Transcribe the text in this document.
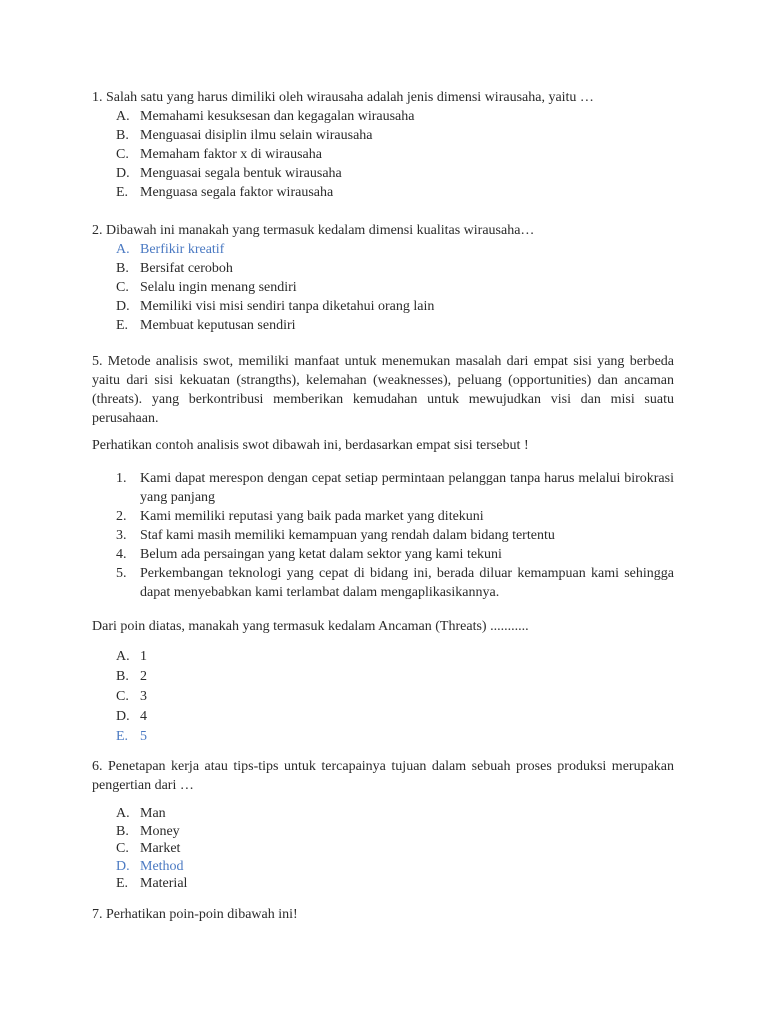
1. Salah satu yang harus dimiliki oleh wirausaha adalah jenis dimensi wirausaha, yaitu …
A. Memahami kesuksesan dan kegagalan wirausaha
B. Menguasai disiplin ilmu selain wirausaha
C. Memaham faktor x di wirausaha
D. Menguasai segala bentuk wirausaha
E. Menguasa segala faktor wirausaha
2. Dibawah ini manakah yang termasuk kedalam dimensi kualitas wirausaha…
A. Berfikir kreatif
B. Bersifat ceroboh
C. Selalu ingin menang sendiri
D. Memiliki visi misi sendiri tanpa diketahui orang lain
E. Membuat keputusan sendiri
5. Metode analisis swot, memiliki manfaat untuk menemukan masalah dari empat sisi yang berbeda yaitu dari sisi kekuatan (strangths), kelemahan (weaknesses), peluang (opportunities) dan ancaman (threats). yang berkontribusi memberikan kemudahan untuk mewujudkan visi dan misi suatu perusahaan.
Perhatikan contoh analisis swot dibawah ini, berdasarkan empat sisi tersebut !
1. Kami dapat merespon dengan cepat setiap permintaan pelanggan tanpa harus melalui birokrasi yang panjang
2. Kami memiliki reputasi yang baik pada market yang ditekuni
3. Staf kami masih memiliki kemampuan yang rendah dalam bidang tertentu
4. Belum ada persaingan yang ketat dalam sektor yang kami tekuni
5. Perkembangan teknologi yang cepat di bidang ini, berada diluar kemampuan kami sehingga dapat menyebabkan kami terlambat dalam mengaplikasikannya.
Dari poin diatas, manakah yang termasuk kedalam Ancaman (Threats) ...........
A. 1
B. 2
C. 3
D. 4
E. 5
6. Penetapan kerja atau tips-tips untuk tercapainya tujuan dalam sebuah proses produksi merupakan pengertian dari …
A. Man
B. Money
C. Market
D. Method
E. Material
7. Perhatikan poin-poin dibawah ini!
